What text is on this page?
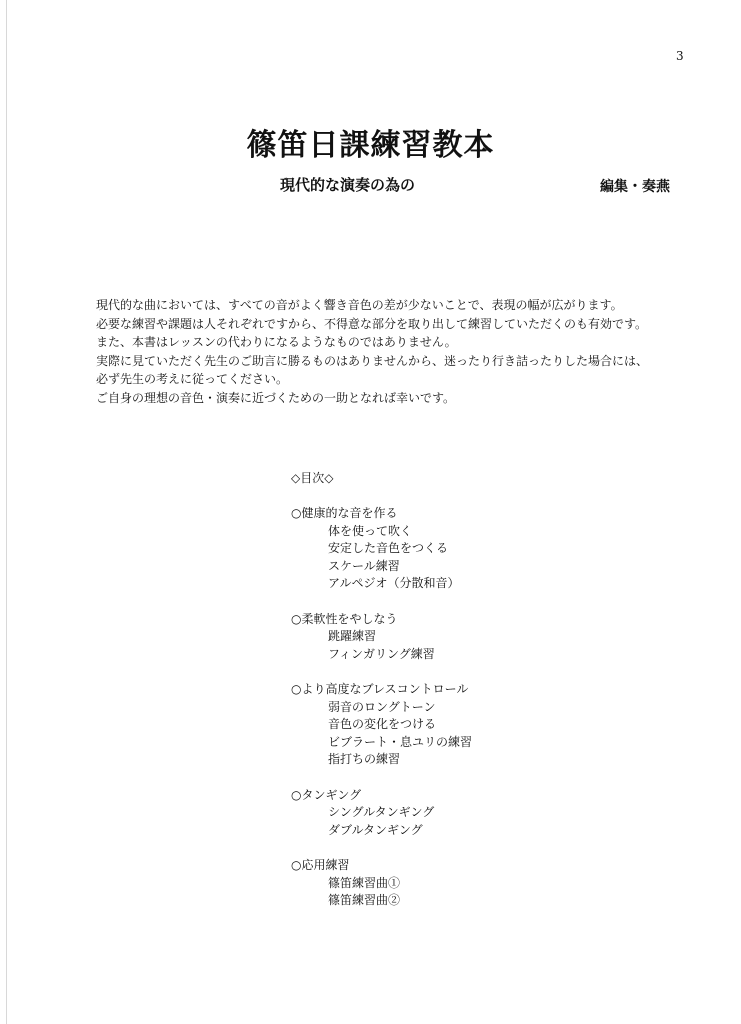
3
篠笛日課練習教本
現代的な演奏の為の	編集・奏燕
現代的な曲においては、すべての音がよく響き音色の差が少ないことで、表現の幅が広がります。
必要な練習や課題は人それぞれですから、不得意な部分を取り出して練習していただくのも有効です。
また、本書はレッスンの代わりになるようなものではありません。
実際に見ていただく先生のご助言に勝るものはありませんから、迷ったり行き詰ったりした場合には、
必ず先生の考えに従ってください。
ご自身の理想の音色・演奏に近づくための一助となれば幸いです。
◇目次◇
○健康的な音を作る
体を使って吹く
安定した音色をつくる
スケール練習
アルペジオ（分散和音）
○柔軟性をやしなう
跳躍練習
フィンガリング練習
○より高度なブレスコントロール
弱音のロングトーン
音色の変化をつける
ビブラート・息ユリの練習
指打ちの練習
○タンギング
シングルタンギング
ダブルタンギング
○応用練習
篠笛練習曲①
篠笛練習曲②
